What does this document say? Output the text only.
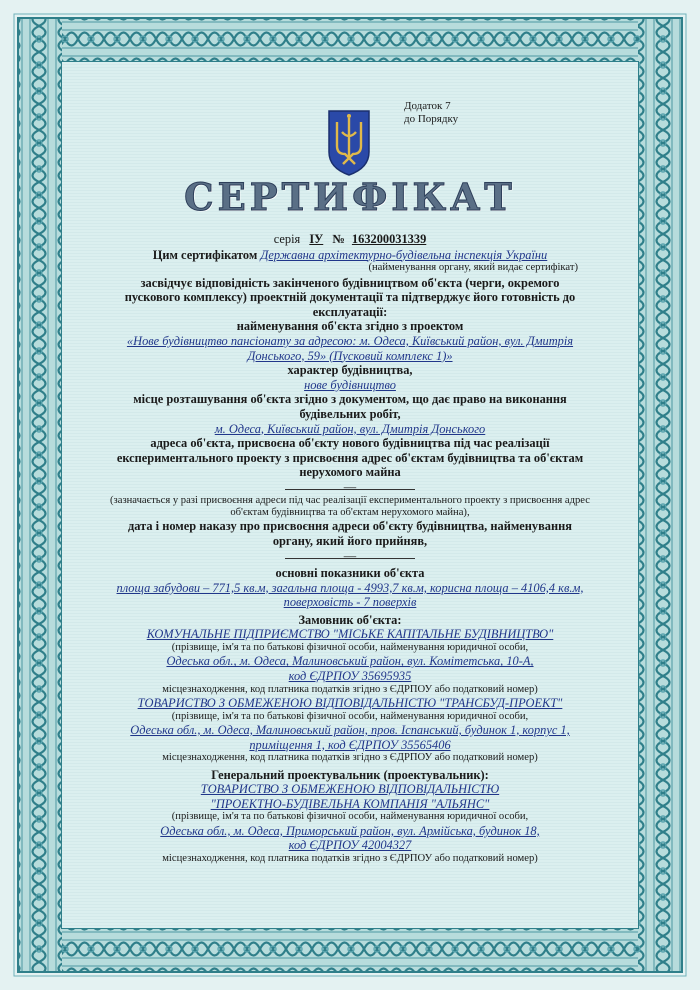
Додаток 7
до Порядку
СЕРТИФІКАТ
серія ІУ № 163200031339
Цим сертифікатом Державна архітектурно-будівельна інспекція України
(найменування органу, який видає сертифікат)
засвідчує відповідність закінченого будівництвом об'єкта (черги, окремого
пускового комплексу) проектній документації та підтверджує його готовність до
експлуатації:
найменування об'єкта згідно з проектом
«Нове будівництво пансіонату за адресою: м. Одеса, Київський район, вул. Дмитрія
Донського, 59» (Пусковий комплекс 1)»
характер будівництва,
нове будівництво
місце розташування об'єкта згідно з документом, що дає право на виконання
будівельних робіт,
м. Одеса, Київський район, вул. Дмитрія Донського
адреса об'єкта, присвоєна об'єкту нового будівництва під час реалізації
експериментального проекту з присвоєння адрес об'єктам будівництва та об'єктам
нерухомого майна
—
(зазначається у разі присвоєння адреси під час реалізації експериментального проекту з присвоєння адрес
об'єктам будівництва та об'єктам нерухомого майна),
дата і номер наказу про присвоєння адреси об'єкту будівництва, найменування
органу, який його прийняв,
—
основні показники об'єкта
площа забудови – 771,5 кв.м, загальна площа - 4993,7 кв.м, корисна площа – 4106,4 кв.м,
поверховість - 7 поверхів
Замовник об'єкта:
КОМУНАЛЬНЕ ПІДПРИЄМСТВО "МІСЬКЕ КАПІТАЛЬНЕ БУДІВНИЦТВО"
(прізвище, ім'я та по батькові фізичної особи, найменування юридичної особи,
Одеська обл., м. Одеса, Малиновський район, вул. Комітетська, 10-А,
код ЄДРПОУ 35695935
місцезнаходження, код платника податків згідно з ЄДРПОУ або податковий номер)
ТОВАРИСТВО З ОБМЕЖЕНОЮ ВІДПОВІДАЛЬНІСТЮ "ТРАНСБУД-ПРОЕКТ"
(прізвище, ім'я та по батькові фізичної особи, найменування юридичної особи,
Одеська обл., м. Одеса, Малиновський район, пров. Іспанський, будинок 1, корпус 1,
приміщення 1, код ЄДРПОУ 35565406
місцезнаходження, код платника податків згідно з ЄДРПОУ або податковий номер)
Генеральний проектувальник (проектувальник):
ТОВАРИСТВО З ОБМЕЖЕНОЮ ВІДПОВІДАЛЬНІСТЮ
"ПРОЕКТНО-БУДІВЕЛЬНА КОМПАНІЯ "АЛЬЯНС"
(прізвище, ім'я та по батькові фізичної особи, найменування юридичної особи,
Одеська обл., м. Одеса, Приморський район, вул. Армійська, будинок 18,
код ЄДРПОУ 42004327
місцезнаходження, код платника податків згідно з ЄДРПОУ або податковий номер)
